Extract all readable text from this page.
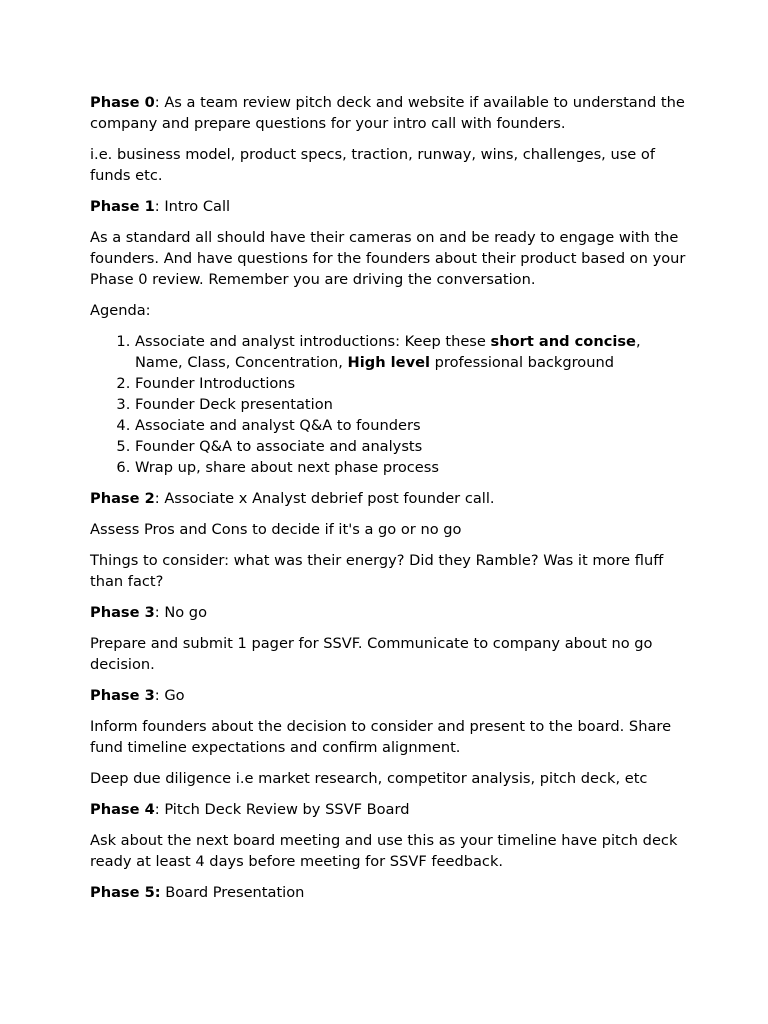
Phase 0: As a team review pitch deck and website if available to understand the company and prepare questions for your intro call with founders.

i.e. business model, product specs, traction, runway, wins, challenges, use of funds etc.

Phase 1: Intro Call

As a standard all should have their cameras on and be ready to engage with the founders. And have questions for the founders about their product based on your Phase 0 review. Remember you are driving the conversation.

Agenda:

1. Associate and analyst introductions: Keep these short and concise, Name, Class, Concentration, High level professional background
2. Founder Introductions
3. Founder Deck presentation
4. Associate and analyst Q&A to founders
5. Founder Q&A to associate and analysts
6. Wrap up, share about next phase process

Phase 2: Associate x Analyst debrief post founder call.

Assess Pros and Cons to decide if it's a go or no go

Things to consider: what was their energy? Did they Ramble? Was it more fluff than fact?

Phase 3: No go

Prepare and submit 1 pager for SSVF. Communicate to company about no go decision.

Phase 3: Go

Inform founders about the decision to consider and present to the board. Share fund timeline expectations and confirm alignment.

Deep due diligence i.e market research, competitor analysis, pitch deck, etc

Phase 4: Pitch Deck Review by SSVF Board

Ask about the next board meeting and use this as your timeline have pitch deck ready at least 4 days before meeting for SSVF feedback.

Phase 5: Board Presentation
